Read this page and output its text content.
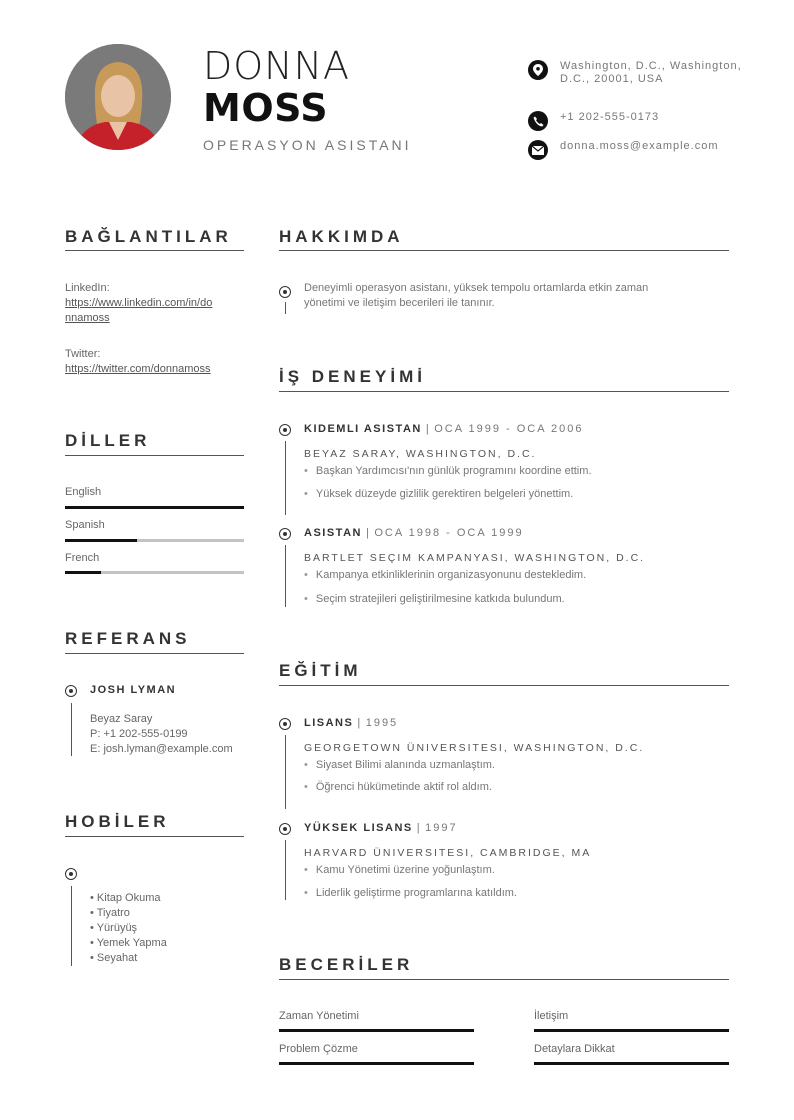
DONNA
MOSS
OPERASYON ASISTANI
Washington, D.C., Washington, D.C., 20001, USA
+1 202-555-0173
donna.moss@example.com
BAĞLANTILAR
LinkedIn:
https://www.linkedin.com/in/do
nnamoss
Twitter:
https://twitter.com/donnamoss
DİLLER
English
Spanish
French
REFERANS
JOSH LYMAN
Beyaz Saray
P: +1 202-555-0199
E: josh.lyman@example.com
HOBİLER
• Kitap Okuma
• Tiyatro
• Yürüyüş
• Yemek Yapma
• Seyahat
HAKKIMDA
Deneyimli operasyon asistanı, yüksek tempolu ortamlarda etkin zaman
yönetimi ve iletişim becerileri ile tanınır.
İŞ DENEYİMİ
KIDEMLI ASISTAN | OCA 1999 - OCA 2006
BEYAZ SARAY, WASHINGTON, D.C.
• Başkan Yardımcısı'nın günlük programını koordine ettim.
• Yüksek düzeyde gizlilik gerektiren belgeleri yönettim.
ASISTAN | OCA 1998 - OCA 1999
BARTLET SEÇIM KAMPANYASI, WASHINGTON, D.C.
• Kampanya etkinliklerinin organizasyonunu destekledim.
• Seçim stratejileri geliştirilmesine katkıda bulundum.
EĞİTİM
LISANS | 1995
GEORGETOWN ÜNIVERSITESI, WASHINGTON, D.C.
• Siyaset Bilimi alanında uzmanlaştım.
• Öğrenci hükümetinde aktif rol aldım.
YÜKSEK LISANS | 1997
HARVARD ÜNIVERSITESI, CAMBRIDGE, MA
• Kamu Yönetimi üzerine yoğunlaştım.
• Liderlik geliştirme programlarına katıldım.
BECERİLER
Zaman Yönetimi	İletişim
Problem Çözme	Detaylara Dikkat
